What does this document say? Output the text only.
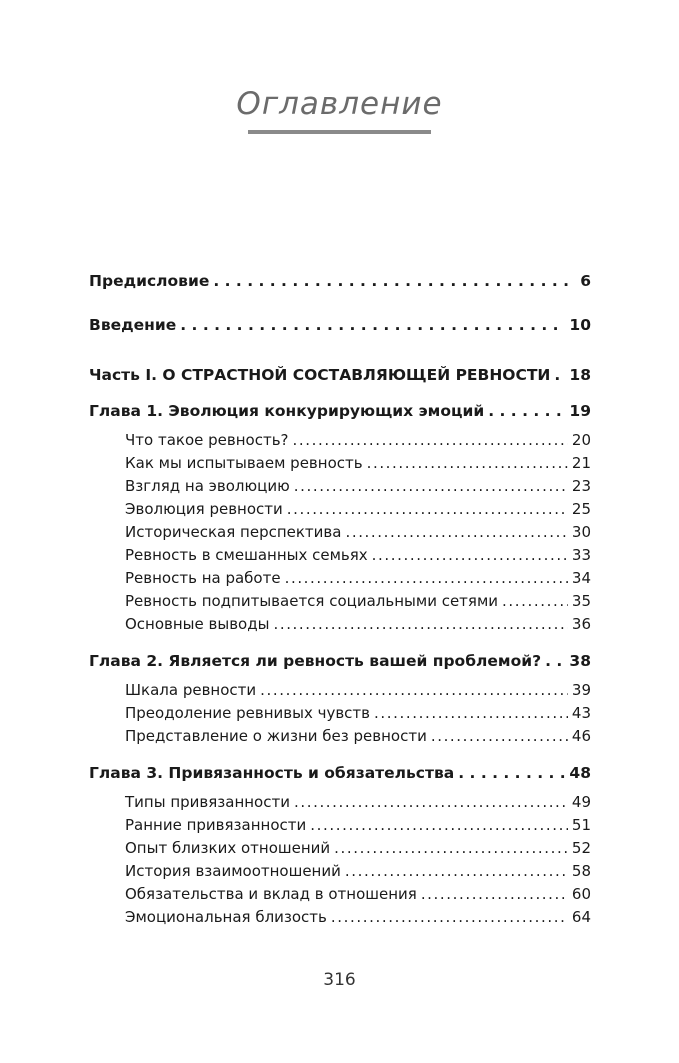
Оглавление
Предисловие . . .	6
Введение . . .	10
Часть I. О СТРАСТНОЙ СОСТАВЛЯЮЩЕЙ РЕВНОСТИ . . . 18
Глава 1. Эволюция конкурирующих эмоций . . .	19
Что такое ревность? .....	20
Как мы испытываем ревность .....	21
Взгляд на эволюцию .....	23
Эволюция ревности .....	25
Историческая перспектива .....	30
Ревность в смешанных семьях .....	33
Ревность на работе .....	34
Ревность подпитывается социальными сетями .....	35
Основные выводы .....	36
Глава 2. Является ли ревность вашей проблемой? . . . 38
Шкала ревности .....	39
Преодоление ревнивых чувств .....	43
Представление о жизни без ревности .....	46
Глава 3. Привязанность и обязательства . . .	48
Типы привязанности .....	49
Ранние привязанности .....	51
Опыт близких отношений .....	52
История взаимоотношений .....	58
Обязательства и вклад в отношения .....	60
Эмоциональная близость .....	64
316
